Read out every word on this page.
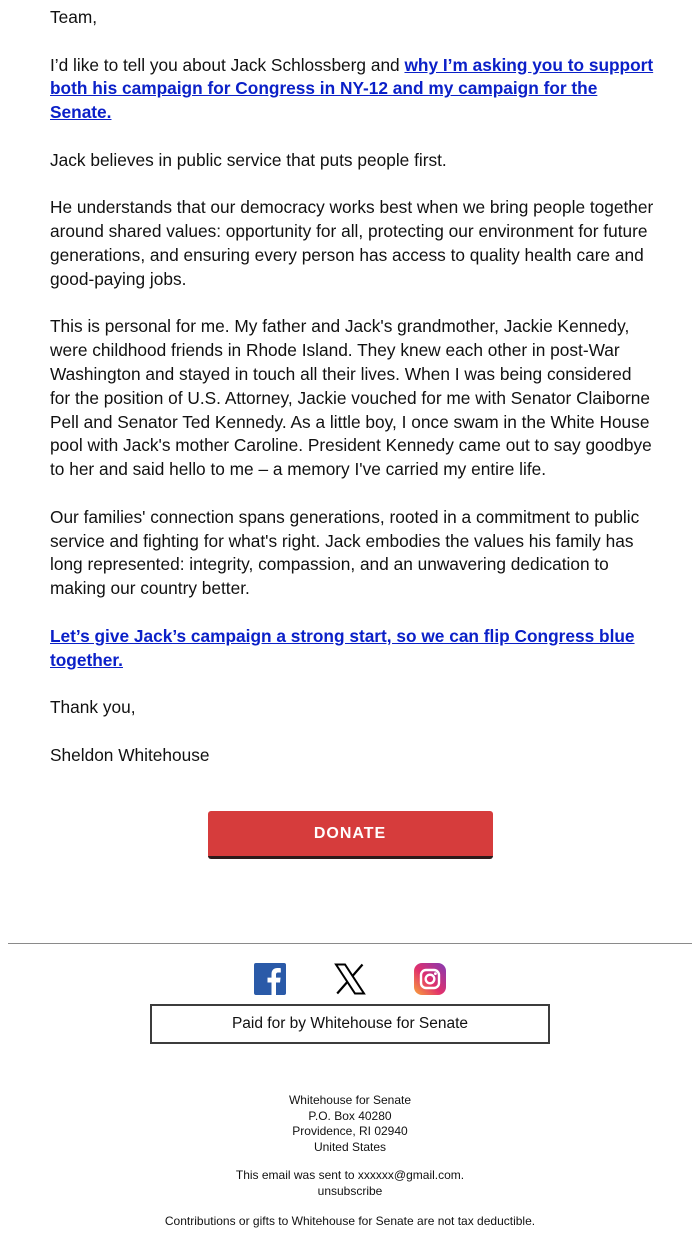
Team,

I’d like to tell you about Jack Schlossberg and why I’m asking you to support both his campaign for Congress in NY-12 and my campaign for the Senate.

Jack believes in public service that puts people first.

He understands that our democracy works best when we bring people together around shared values: opportunity for all, protecting our environment for future generations, and ensuring every person has access to quality health care and good-paying jobs.

This is personal for me. My father and Jack's grandmother, Jackie Kennedy, were childhood friends in Rhode Island. They knew each other in post-War Washington and stayed in touch all their lives. When I was being considered for the position of U.S. Attorney, Jackie vouched for me with Senator Claiborne Pell and Senator Ted Kennedy. As a little boy, I once swam in the White House pool with Jack's mother Caroline. President Kennedy came out to say goodbye to her and said hello to me – a memory I've carried my entire life.

Our families' connection spans generations, rooted in a commitment to public service and fighting for what's right. Jack embodies the values his family has long represented: integrity, compassion, and an unwavering dedication to making our country better.

Let’s give Jack’s campaign a strong start, so we can flip Congress blue together.

Thank you,

Sheldon Whitehouse

DONATE
Paid for by Whitehouse for Senate
Whitehouse for Senate
P.O. Box 40280
Providence, RI 02940
United States
This email was sent to xxxxxx@gmail.com.
unsubscribe
Contributions or gifts to Whitehouse for Senate are not tax deductible.
